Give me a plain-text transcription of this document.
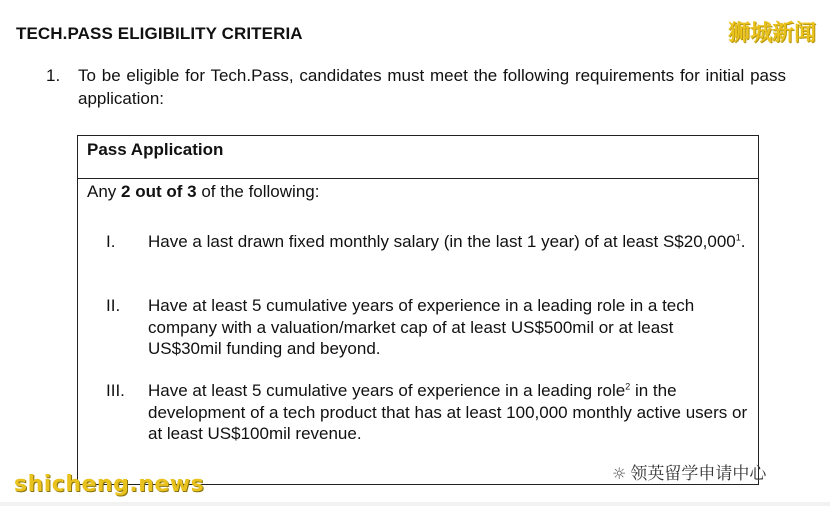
TECH.PASS ELIGIBILITY CRITERIA	狮城新闻
1. To be eligible for Tech.Pass, candidates must meet the following requirements for initial pass application:
Pass Application
Any 2 out of 3 of the following:
I. Have a last drawn fixed monthly salary (in the last 1 year) of at least S$20,000$^1$.
II. Have at least 5 cumulative years of experience in a leading role in a tech company with a valuation/market cap of at least US$500mil or at least US$30mil funding and beyond.
III. Have at least 5 cumulative years of experience in a leading role$^2$ in the development of a tech product that has at least 100,000 monthly active users or at least US$100mil revenue.
☼ 领英留学申请中心
shicheng.news
